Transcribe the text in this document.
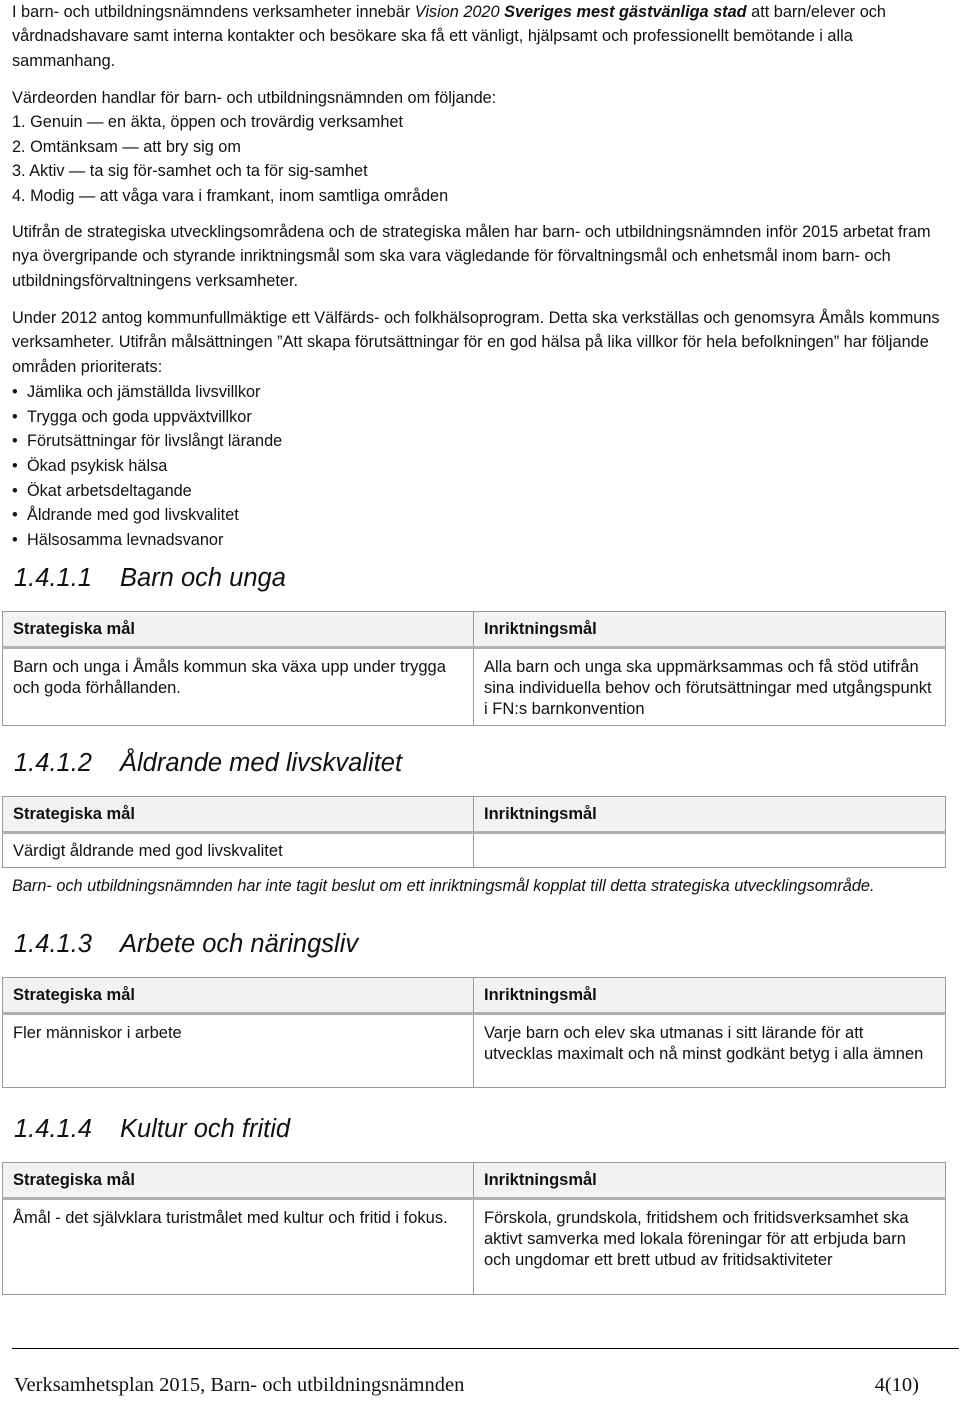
I barn- och utbildningsnämndens verksamheter innebär Vision 2020 Sveriges mest gästvänliga stad att barn/elever och vårdnadshavare samt interna kontakter och besökare ska få ett vänligt, hjälpsamt och professionellt bemötande i alla sammanhang.

Värdeorden handlar för barn- och utbildningsnämnden om följande:
1. Genuin — en äkta, öppen och trovärdig verksamhet
2. Omtänksam — att bry sig om
3. Aktiv — ta sig för-samhet och ta för sig-samhet
4. Modig — att våga vara i framkant, inom samtliga områden

Utifrån de strategiska utvecklingsområdena och de strategiska målen har barn- och utbildningsnämnden inför 2015 arbetat fram nya övergripande och styrande inriktningsmål som ska vara vägledande för förvaltningsmål och enhetsmål inom barn- och utbildningsförvaltningens verksamheter.

Under 2012 antog kommunfullmäktige ett Välfärds- och folkhälsoprogram. Detta ska verkställas och genomsyra Åmåls kommuns verksamheter. Utifrån målsättningen ”Att skapa förutsättningar för en god hälsa på lika villkor för hela befolkningen” har följande områden prioriterats:

• Jämlika och jämställda livsvillkor
• Trygga och goda uppväxtvillkor
• Förutsättningar för livslångt lärande
• Ökad psykisk hälsa
• Ökat arbetsdeltagande
• Åldrande med god livskvalitet
• Hälsosamma levnadsvanor
1.4.1.1 Barn och unga
Strategiska mål	Inriktningsmål
Barn och unga i Åmåls kommun ska växa upp under trygga och goda förhållanden.	Alla barn och unga ska uppmärksammas och få stöd utifrån sina individuella behov och förutsättningar med utgångspunkt i FN:s barnkonvention
1.4.1.2 Åldrande med livskvalitet
Strategiska mål	Inriktningsmål
Värdigt åldrande med god livskvalitet	

Barn- och utbildningsnämnden har inte tagit beslut om ett inriktningsmål kopplat till detta strategiska utvecklingsområde.

1.4.1.3 Arbete och näringsliv
Strategiska mål	Inriktningsmål
Fler människor i arbete	Varje barn och elev ska utmanas i sitt lärande för att utvecklas maximalt och nå minst godkänt betyg i alla ämnen
1.4.1.4 Kultur och fritid
Strategiska mål	Inriktningsmål
Åmål - det självklara turistmålet med kultur och fritid i fokus.	Förskola, grundskola, fritidshem och fritidsverksamhet ska aktivt samverka med lokala föreningar för att erbjuda barn och ungdomar ett brett utbud av fritidsaktiviteter
Verksamhetsplan 2015, Barn- och utbildningsnämnden	4(10)
